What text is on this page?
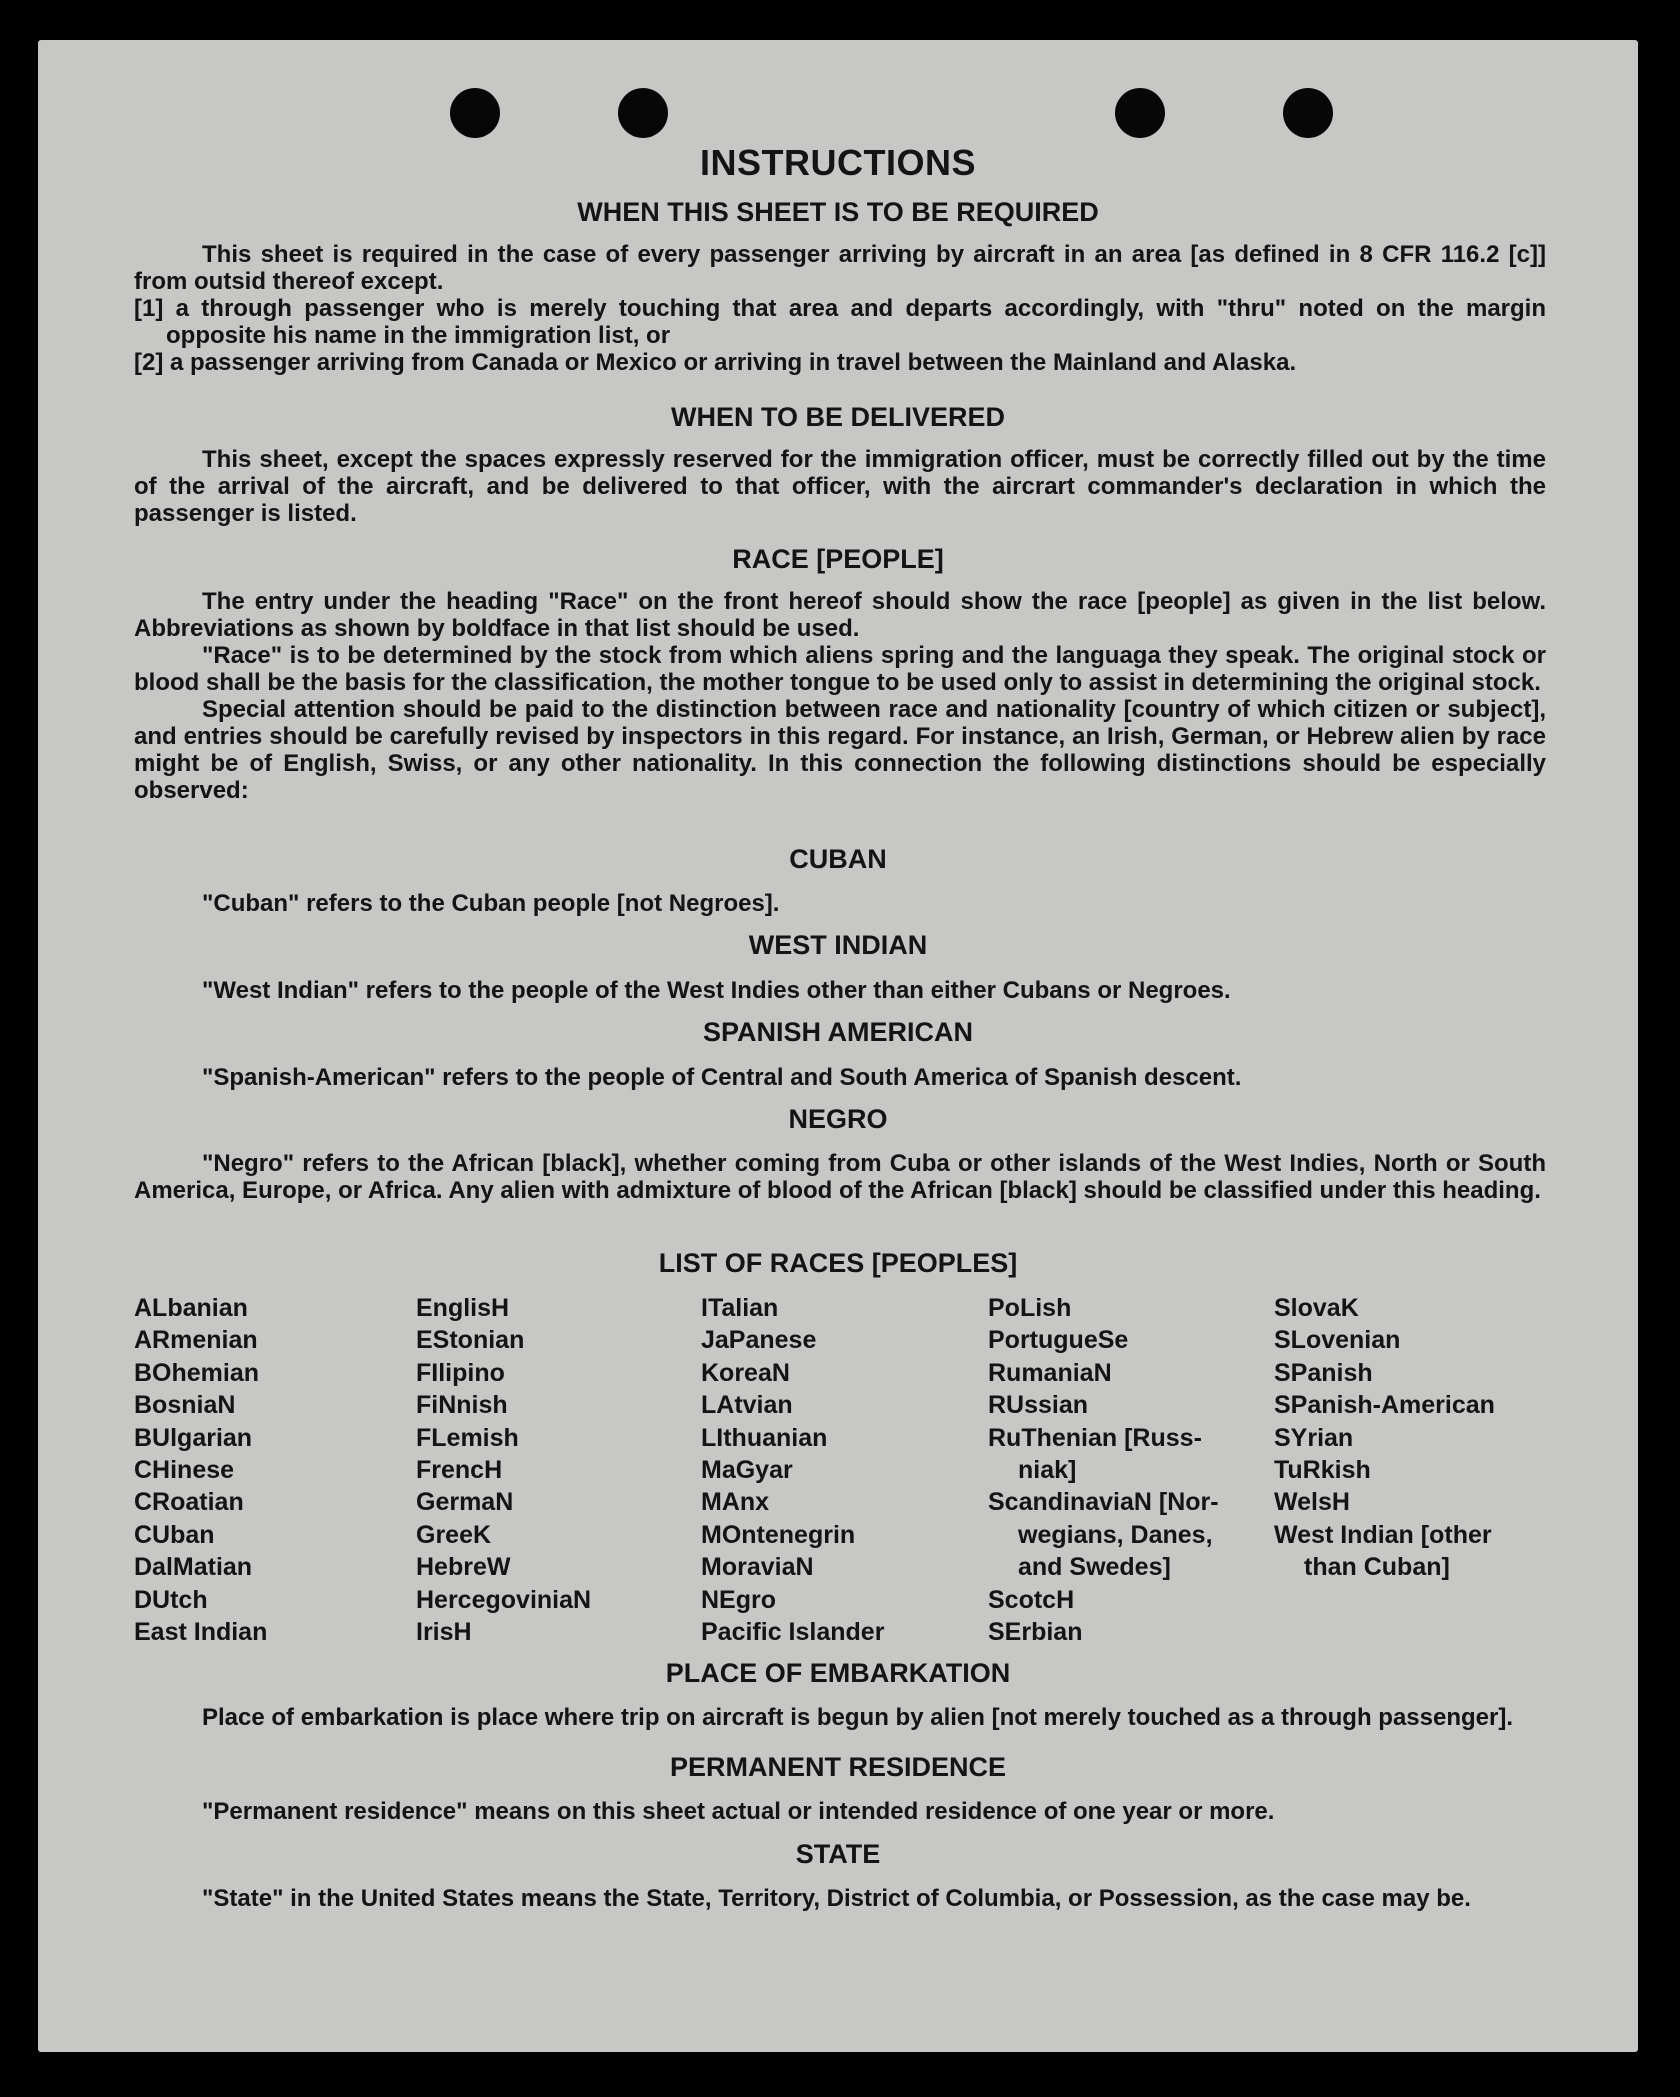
INSTRUCTIONS
WHEN THIS SHEET IS TO BE REQUIRED

This sheet is required in the case of every passenger arriving by aircraft in an area [as defined in 8 CFR 116.2 [c]] from outsid thereof except.

[1] a through passenger who is merely touching that area and departs accordingly, with "thru" noted on the margin opposite his name in the immigration list, or

[2] a passenger arriving from Canada or Mexico or arriving in travel between the Mainland and Alaska.

WHEN TO BE DELIVERED

This sheet, except the spaces expressly reserved for the immigration officer, must be correctly filled out by the time of the arrival of the aircraft, and be delivered to that officer, with the aircrart commander's declaration in which the passenger is listed.

RACE [PEOPLE]

The entry under the heading "Race" on the front hereof should show the race [people] as given in the list below. Abbreviations as shown by boldface in that list should be used.

"Race" is to be determined by the stock from which aliens spring and the languaga they speak. The original stock or blood shall be the basis for the classification, the mother tongue to be used only to assist in determining the original stock.

Special attention should be paid to the distinction between race and nationality [country of which citizen or subject], and entries should be carefully revised by inspectors in this regard. For instance, an Irish, German, or Hebrew alien by race might be of English, Swiss, or any other nationality. In this connection the following distinctions should be especially observed:

CUBAN

"Cuban" refers to the Cuban people [not Negroes].

WEST INDIAN

"West Indian" refers to the people of the West Indies other than either Cubans or Negroes.

SPANISH AMERICAN

"Spanish-American" refers to the people of Central and South America of Spanish descent.

NEGRO

"Negro" refers to the African [black], whether coming from Cuba or other islands of the West Indies, North or South America, Europe, or Africa. Any alien with admixture of blood of the African [black] should be classified under this heading.

LIST OF RACES [PEOPLES]
ALbanian
ARmenian
BOhemian
BosniaN
BUlgarian
CHinese
CRoatian
CUban
DalMatian
DUtch
East Indian
EnglisH
EStonian
FIlipino
FiNnish
FLemish
FrencH
GermaN
GreeK
HebreW
HercegoviniaN
IrisH
ITalian
JaPanese
KoreaN
LAtvian
LIthuanian
MaGyar
MAnx
MOntenegrin
MoraviaN
NEgro
Pacific Islander
PoLish
PortugueSe
RumaniaN
RUssian
RuThenian [Russ-
niak]
ScandinaviaN [Nor-
wegians, Danes,
and Swedes]
ScotcH
SErbian
SlovaK
SLovenian
SPanish
SPanish-American
SYrian
TuRkish
WelsH
West Indian [other
than Cuban]
PLACE OF EMBARKATION

Place of embarkation is place where trip on aircraft is begun by alien [not merely touched as a through passenger].

PERMANENT RESIDENCE

"Permanent residence" means on this sheet actual or intended residence of one year or more.

STATE

"State" in the United States means the State, Territory, District of Columbia, or Possession, as the case may be.
